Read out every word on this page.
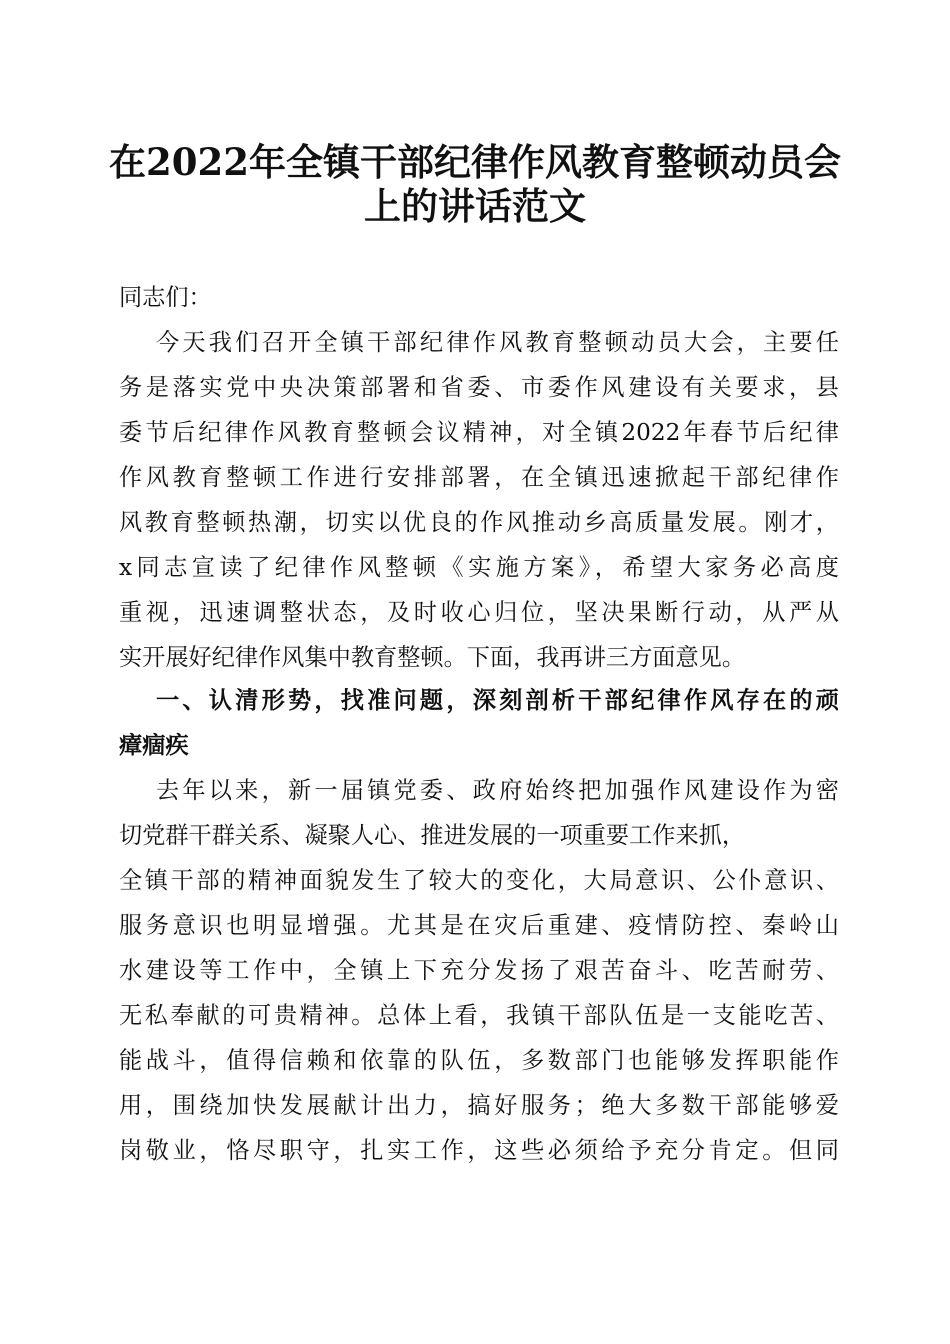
在2022年全镇干部纪律作风教育整顿动员会
上的讲话范文
同志们：
今天我们召开全镇干部纪律作风教育整顿动员大会，主要任
务是落实党中央决策部署和省委、市委作风建设有关要求，县
委节后纪律作风教育整顿会议精神，对全镇2022年春节后纪律
作风教育整顿工作进行安排部署，在全镇迅速掀起干部纪律作
风教育整顿热潮，切实以优良的作风推动乡高质量发展。刚才，
x同志宣读了纪律作风整顿《实施方案》，希望大家务必高度
重视，迅速调整状态，及时收心归位，坚决果断行动，从严从
实开展好纪律作风集中教育整顿。下面，我再讲三方面意见。
一、认清形势，找准问题，深刻剖析干部纪律作风存在的顽
瘴痼疾
去年以来，新一届镇党委、政府始终把加强作风建设作为密
切党群干群关系、凝聚人心、推进发展的一项重要工作来抓，
全镇干部的精神面貌发生了较大的变化，大局意识、公仆意识、
服务意识也明显增强。尤其是在灾后重建、疫情防控、秦岭山
水建设等工作中，全镇上下充分发扬了艰苦奋斗、吃苦耐劳、
无私奉献的可贵精神。总体上看，我镇干部队伍是一支能吃苦、
能战斗，值得信赖和依靠的队伍，多数部门也能够发挥职能作
用，围绕加快发展献计出力，搞好服务；绝大多数干部能够爱
岗敬业，恪尽职守，扎实工作，这些必须给予充分肯定。但同
